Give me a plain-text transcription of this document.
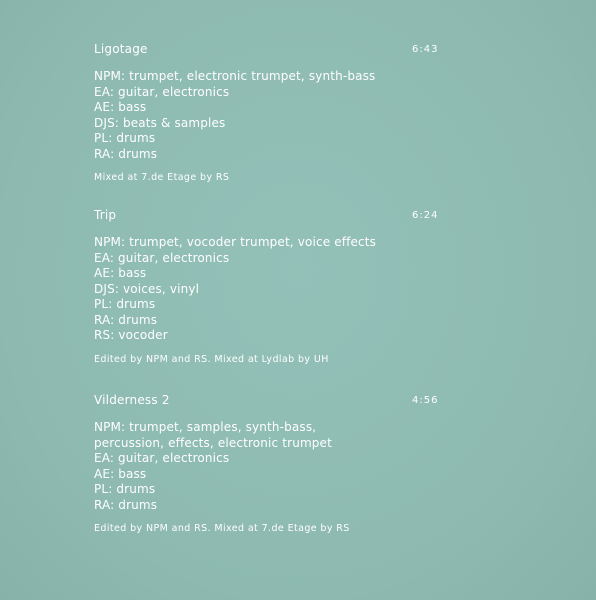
Ligotage	6:43
NPM: trumpet, electronic trumpet, synth-bass
EA: guitar, electronics
AE: bass
DJS: beats & samples
PL: drums
RA: drums
Mixed at 7.de Etage by RS
Trip	6:24
NPM: trumpet, vocoder trumpet, voice effects
EA: guitar, electronics
AE: bass
DJS: voices, vinyl
PL: drums
RA: drums
RS: vocoder
Edited by NPM and RS. Mixed at Lydlab by UH
Vilderness 2	4:56
NPM: trumpet, samples, synth-bass,
percussion, effects, electronic trumpet
EA: guitar, electronics
AE: bass
PL: drums
RA: drums
Edited by NPM and RS. Mixed at 7.de Etage by RS
